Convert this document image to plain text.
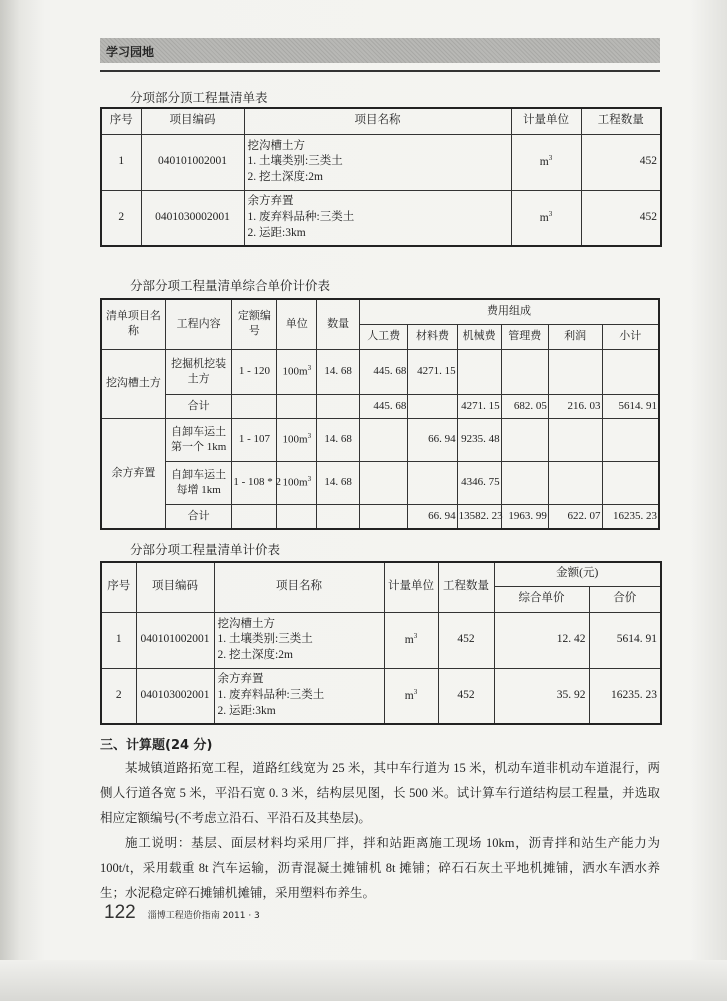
学习园地
分项部分顶工程量清单表
序号	项目编码	项目名称	计量单位	工程数量
1	040101002001	挖沟槽土方
1. 土壤类别:三类土
2. 挖土深度:2m	$m^3$	452
2	0401030002001	余方弃置
1. 废弃料品种:三类土
2. 运距:3km	$m^3$	452
分部分项工程量清单综合单价计价表
清单项目名称	工程内容	定额编号	单位	数量	费用组成					
					人工费	材料费	机械费	管理费	利润	小计
挖沟槽土方	挖掘机挖装土方	1 - 120	$100m^3$	14. 68	445. 68	4271. 15				
	合计				445. 68		4271. 15	682. 05	216. 03	5614. 91
余方弃置	自卸车运土第一个 1km	1 - 107	$100m^3$	14. 68		66. 94	9235. 48			
	自卸车运土每增 1km	1 - 108 * 2	$100m^3$	14. 68			4346. 75			
	合计					66. 94	13582. 23	1963. 99	622. 07	16235. 23
分部分项工程量清单计价表
序号	项目编码	项目名称	计量单位	工程数量	金额(元)	
					综合单价	合价
1	040101002001	挖沟槽土方
1. 土壤类别:三类土
2. 挖土深度:2m	$m^3$	452	12. 42	5614. 91
2	040103002001	余方弃置
1. 废弃料品种:三类土
2. 运距:3km	$m^3$	452	35. 92	16235. 23
三、计算题(24 分)
某城镇道路拓宽工程，道路红线宽为 25 米，其中车行道为 15 米，机动车道非机动车道混行，两侧人行道各宽 5 米，平沿石宽 0. 3 米，结构层见图，长 500 米。试计算车行道结构层工程量，并选取相应定额编号(不考虑立沿石、平沿石及其垫层)。
施工说明：基层、面层材料均采用厂拌，拌和站距离施工现场 10km，沥青拌和站生产能力为 100t/t，采用载重 8t 汽车运输，沥青混凝土摊铺机 8t 摊铺；碎石石灰土平地机摊铺，洒水车洒水养生；水泥稳定碎石摊铺机摊铺，采用塑料布养生。
122 淄博工程造价指南 2011 · 3
